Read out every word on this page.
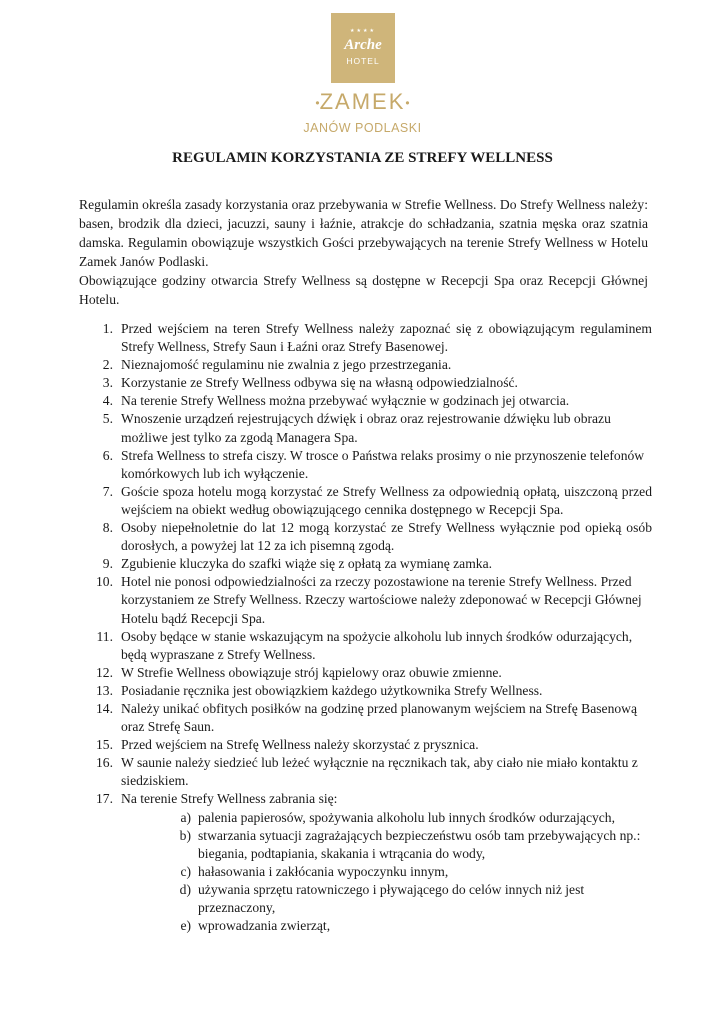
★★★★
Arche
HOTEL
•ZAMEK•
JANÓW PODLASKI
REGULAMIN KORZYSTANIA ZE STREFY WELLNESS

Regulamin określa zasady korzystania oraz przebywania w Strefie Wellness. Do Strefy Wellness należy: basen, brodzik dla dzieci, jacuzzi, sauny i łaźnie, atrakcje do schładzania, szatnia męska oraz szatnia damska. Regulamin obowiązuje wszystkich Gości przebywających na terenie Strefy Wellness w Hotelu Zamek Janów Podlaski.

Obowiązujące godziny otwarcia Strefy Wellness są dostępne w Recepcji Spa oraz Recepcji Głównej Hotelu.

1. Przed wejściem na teren Strefy Wellness należy zapoznać się z obowiązującym regulaminem Strefy Wellness, Strefy Saun i Łaźni oraz Strefy Basenowej.
2. Nieznajomość regulaminu nie zwalnia z jego przestrzegania.
3. Korzystanie ze Strefy Wellness odbywa się na własną odpowiedzialność.
4. Na terenie Strefy Wellness można przebywać wyłącznie w godzinach jej otwarcia.
5. Wnoszenie urządzeń rejestrujących dźwięk i obraz oraz rejestrowanie dźwięku lub obrazu możliwe jest tylko za zgodą Managera Spa.
6. Strefa Wellness to strefa ciszy. W trosce o Państwa relaks prosimy o nie przynoszenie telefonów komórkowych lub ich wyłączenie.
7. Goście spoza hotelu mogą korzystać ze Strefy Wellness za odpowiednią opłatą, uiszczoną przed wejściem na obiekt według obowiązującego cennika dostępnego w Recepcji Spa.
8. Osoby niepełnoletnie do lat 12 mogą korzystać ze Strefy Wellness wyłącznie pod opieką osób dorosłych, a powyżej lat 12 za ich pisemną zgodą.
9. Zgubienie kluczyka do szafki wiąże się z opłatą za wymianę zamka.
10. Hotel nie ponosi odpowiedzialności za rzeczy pozostawione na terenie Strefy Wellness. Przed korzystaniem ze Strefy Wellness. Rzeczy wartościowe należy zdeponować w Recepcji Głównej Hotelu bądź Recepcji Spa.
11. Osoby będące w stanie wskazującym na spożycie alkoholu lub innych środków odurzających, będą wypraszane z Strefy Wellness.
12. W Strefie Wellness obowiązuje strój kąpielowy oraz obuwie zmienne.
13. Posiadanie ręcznika jest obowiązkiem każdego użytkownika Strefy Wellness.
14. Należy unikać obfitych posiłków na godzinę przed planowanym wejściem na Strefę Basenową oraz Strefę Saun.
15. Przed wejściem na Strefę Wellness należy skorzystać z prysznica.
16. W saunie należy siedzieć lub leżeć wyłącznie na ręcznikach tak, aby ciało nie miało kontaktu z siedziskiem.
17. Na terenie Strefy Wellness zabrania się:
a) palenia papierosów, spożywania alkoholu lub innych środków odurzających,
b) stwarzania sytuacji zagrażających bezpieczeństwu osób tam przebywających np.: biegania, podtapiania, skakania i wtrącania do wody,
c) hałasowania i zakłócania wypoczynku innym,
d) używania sprzętu ratowniczego i pływającego do celów innych niż jest przeznaczony,
e) wprowadzania zwierząt,
